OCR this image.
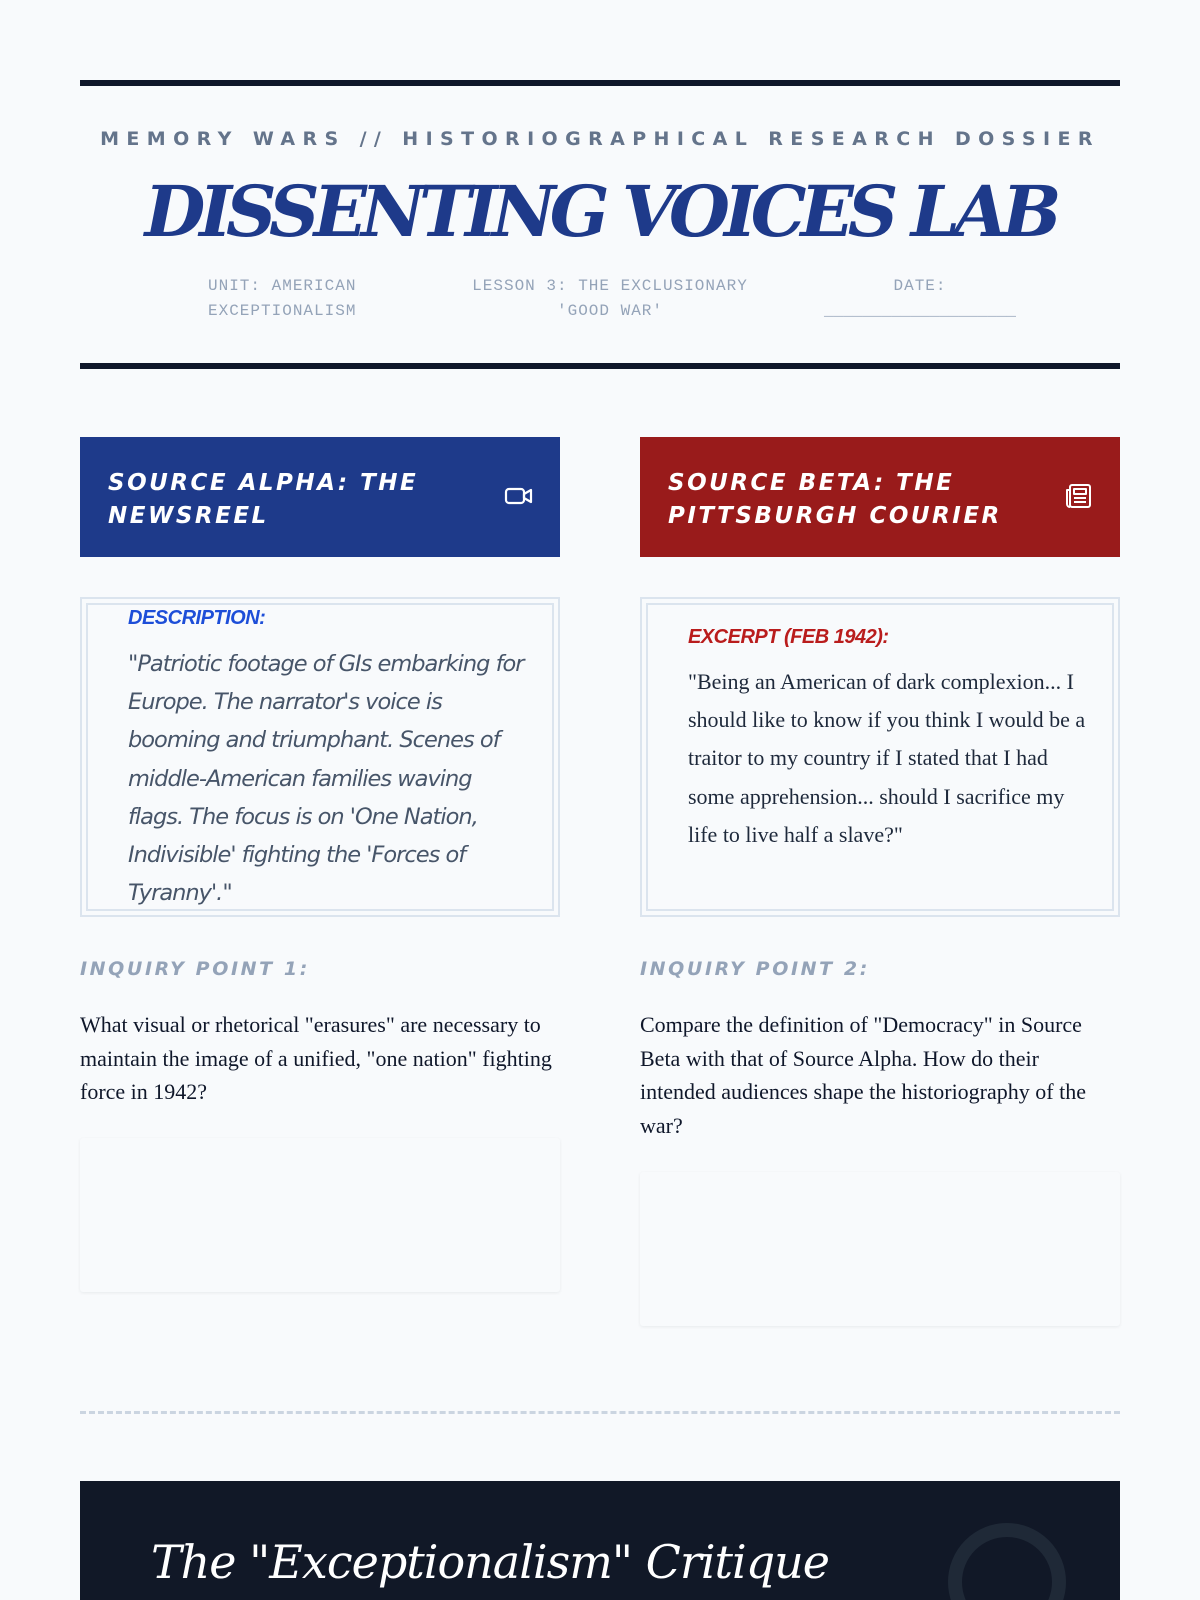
MEMORY WARS // HISTORIOGRAPHICAL RESEARCH DOSSIER
DISSENTING VOICES LAB
UNIT: AMERICAN EXCEPTIONALISM
LESSON 3: THE EXCLUSIONARY 'GOOD WAR'
DATE:
____________________
SOURCE ALPHA: THE NEWSREEL
SOURCE BETA: THE PITTSBURGH COURIER
DESCRIPTION:
"Patriotic footage of GIs embarking for Europe. The narrator's voice is booming and triumphant. Scenes of middle-American families waving flags. The focus is on 'One Nation, Indivisible' fighting the 'Forces of Tyranny'."
EXCERPT (FEB 1942):
"Being an American of dark complexion... I should like to know if you think I would be a traitor to my country if I stated that I had some apprehension... should I sacrifice my life to live half a slave?"
INQUIRY POINT 1:
What visual or rhetorical "erasures" are necessary to maintain the image of a unified, "one nation" fighting force in 1942?
INQUIRY POINT 2:
Compare the definition of "Democracy" in Source Beta with that of Source Alpha. How do their intended audiences shape the historiography of the war?
The "Exceptionalism" Critique
